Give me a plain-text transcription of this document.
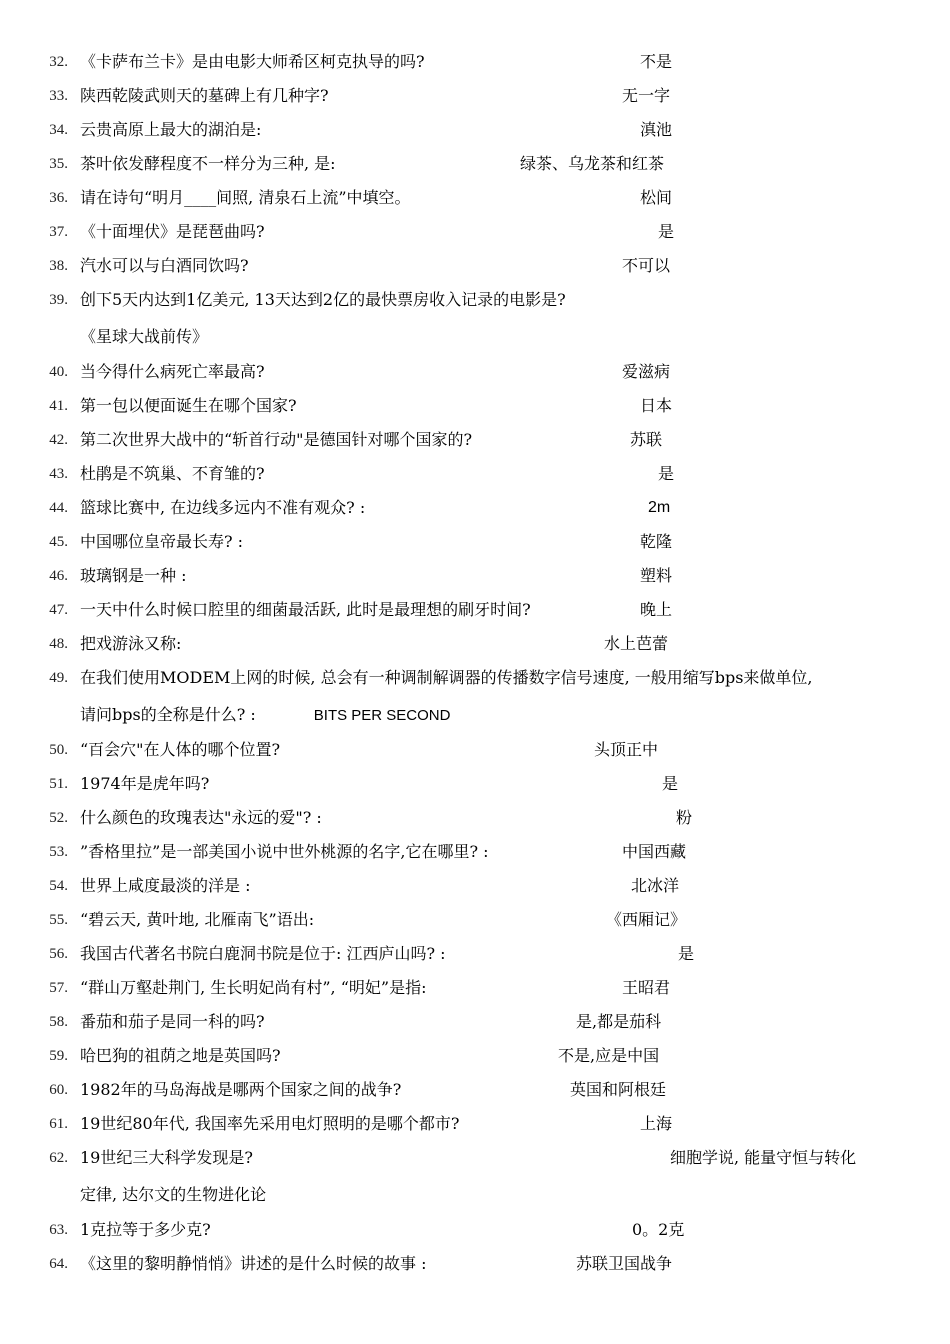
32. 《卡萨布兰卡》是由电影大师希区柯克执导的吗?	不是
33. 陕西乾陵武则天的墓碑上有几种字?	无一字
34. 云贵高原上最大的湖泊是:	滇池
35. 茶叶依发酵程度不一样分为三种, 是:	绿茶、乌龙茶和红茶
36. 请在诗句“明月____间照, 清泉石上流”中填空。	松间
37. 《十面埋伏》是琵琶曲吗?	是
38. 汽水可以与白酒同饮吗?	不可以
39. 创下5天内达到1亿美元, 13天达到2亿的最快票房收入记录的电影是?
《星球大战前传》
40. 当今得什么病死亡率最高?	爱滋病
41. 第一包以便面诞生在哪个国家?	日本
42. 第二次世界大战中的“斩首行动"是德国针对哪个国家的?	苏联
43. 杜鹃是不筑巢、不育雏的?	是
44. 篮球比赛中, 在边线多远内不准有观众? :	2m
45. 中国哪位皇帝最长寿? :	乾隆
46. 玻璃钢是一种 :	塑料
47. 一天中什么时候口腔里的细菌最活跃, 此时是最理想的刷牙时间?	晚上
48. 把戏游泳又称:	水上芭蕾
49. 在我们使用MODEM上网的时候, 总会有一种调制解调器的传播数字信号速度, 一般用缩写bps来做单位,
请问bps的全称是什么? :	BITS PER SECOND
50. “百会穴"在人体的哪个位置?	头顶正中
51. 1974年是虎年吗?	是
52. 什么颜色的玫瑰表达"永远的爱"? :	粉
53. ”香格里拉”是一部美国小说中世外桃源的名字,它在哪里? :	中国西藏
54. 世界上咸度最淡的洋是 :	北冰洋
55. “碧云天, 黄叶地, 北雁南飞”语出:	《西厢记》
56. 我国古代著名书院白鹿洞书院是位于: 江西庐山吗? :	是
57. “群山万壑赴荆门, 生长明妃尚有村”, “明妃”是指:	王昭君
58. 番茄和茄子是同一科的吗?	是,都是茄科
59. 哈巴狗的祖荫之地是英国吗?	不是,应是中国
60. 1982年的马岛海战是哪两个国家之间的战争?	英国和阿根廷
61. 19世纪80年代, 我国率先采用电灯照明的是哪个都市?	上海
62. 19世纪三大科学发现是?	细胞学说, 能量守恒与转化
定律, 达尔文的生物进化论
63. 1克拉等于多少克?	0。2克
64. 《这里的黎明静悄悄》讲述的是什么时候的故事 :	苏联卫国战争
